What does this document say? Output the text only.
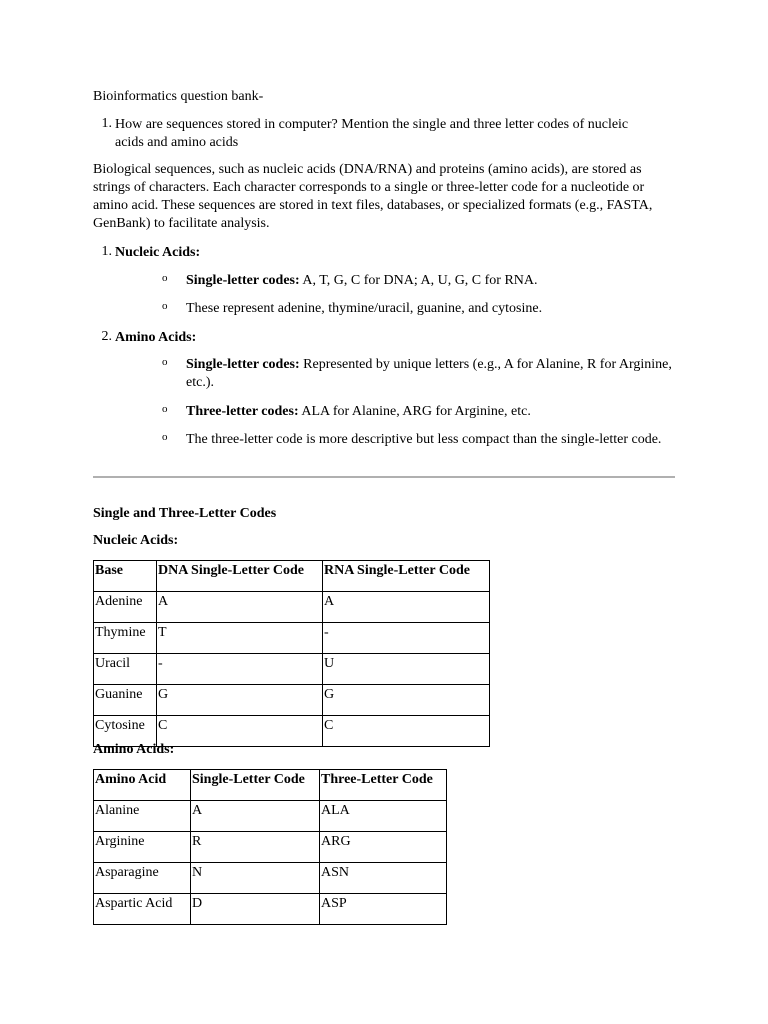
Bioinformatics question bank-

1. How are sequences stored in computer? Mention the single and three letter codes of nucleic acids and amino acids

Biological sequences, such as nucleic acids (DNA/RNA) and proteins (amino acids), are stored as strings of characters. Each character corresponds to a single or three-letter code for a nucleotide or amino acid. These sequences are stored in text files, databases, or specialized formats (e.g., FASTA, GenBank) to facilitate analysis.

1. Nucleic Acids:

o Single-letter codes: A, T, G, C for DNA; A, U, G, C for RNA.

o These represent adenine, thymine/uracil, guanine, and cytosine.

2. Amino Acids:

o Single-letter codes: Represented by unique letters (e.g., A for Alanine, R for Arginine, etc.).

o Three-letter codes: ALA for Alanine, ARG for Arginine, etc.

o The three-letter code is more descriptive but less compact than the single-letter code.

Single and Three-Letter Codes

Nucleic Acids:

Base	DNA Single-Letter Code	RNA Single-Letter Code
Adenine	A	A
Thymine	T	-
Uracil	-	U
Guanine	G	G
Cytosine	C	C

Amino Acids:

Amino Acid	Single-Letter Code	Three-Letter Code
Alanine	A	ALA
Arginine	R	ARG
Asparagine	N	ASN
Aspartic Acid	D	ASP
